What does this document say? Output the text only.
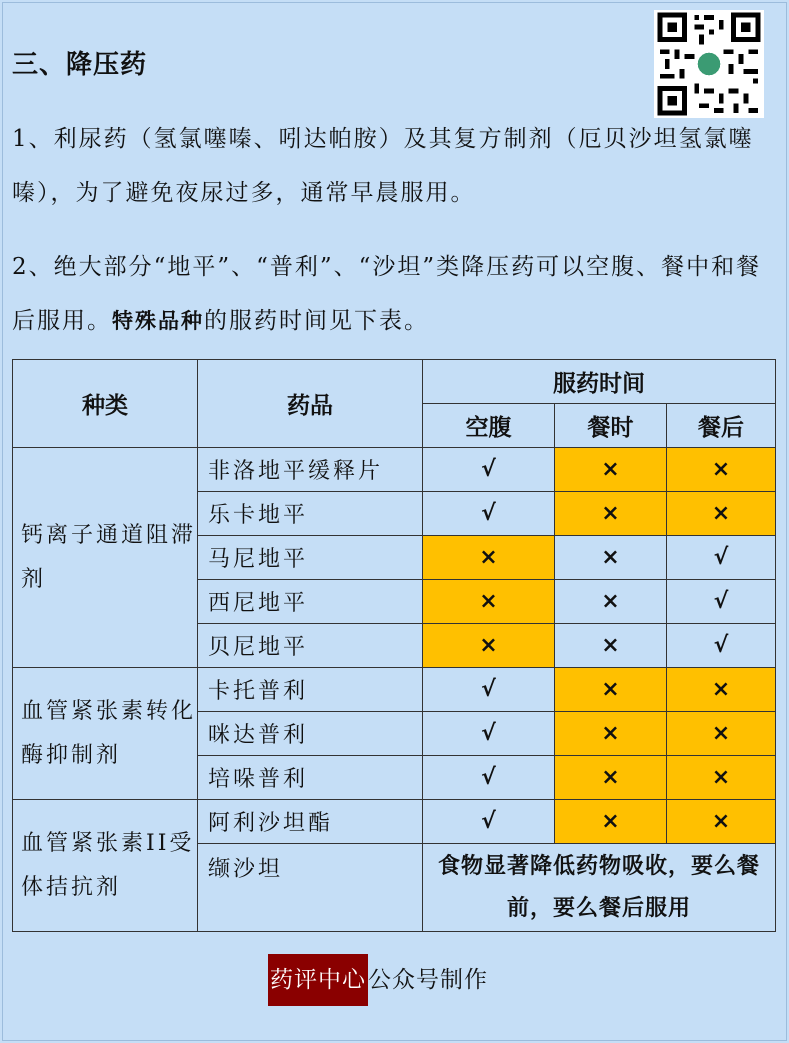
三、降压药
1、利尿药（氢氯噻嗪、吲达帕胺）及其复方制剂（厄贝沙坦氢氯噻嗪），为了避免夜尿过多，通常早晨服用。
2、绝大部分“地平”、“普利”、“沙坦”类降压药可以空腹、餐中和餐后服用。特殊品种的服药时间见下表。
种类	药品	服药时间		
		空腹	餐时	餐后
钙离子通道阻滞剂	非洛地平缓释片	√	×	×
	乐卡地平	√	×	×
	马尼地平	×	×	√
	西尼地平	×	×	√
	贝尼地平	×	×	√
血管紧张素转化酶抑制剂	卡托普利	√	×	×
	咪达普利	√	×	×
	培哚普利	√	×	×
血管紧张素II受体拮抗剂	阿利沙坦酯	√	×	×
	缬沙坦	食物显著降低药物吸收，要么餐前，要么餐后服用		
药评中心公众号制作
